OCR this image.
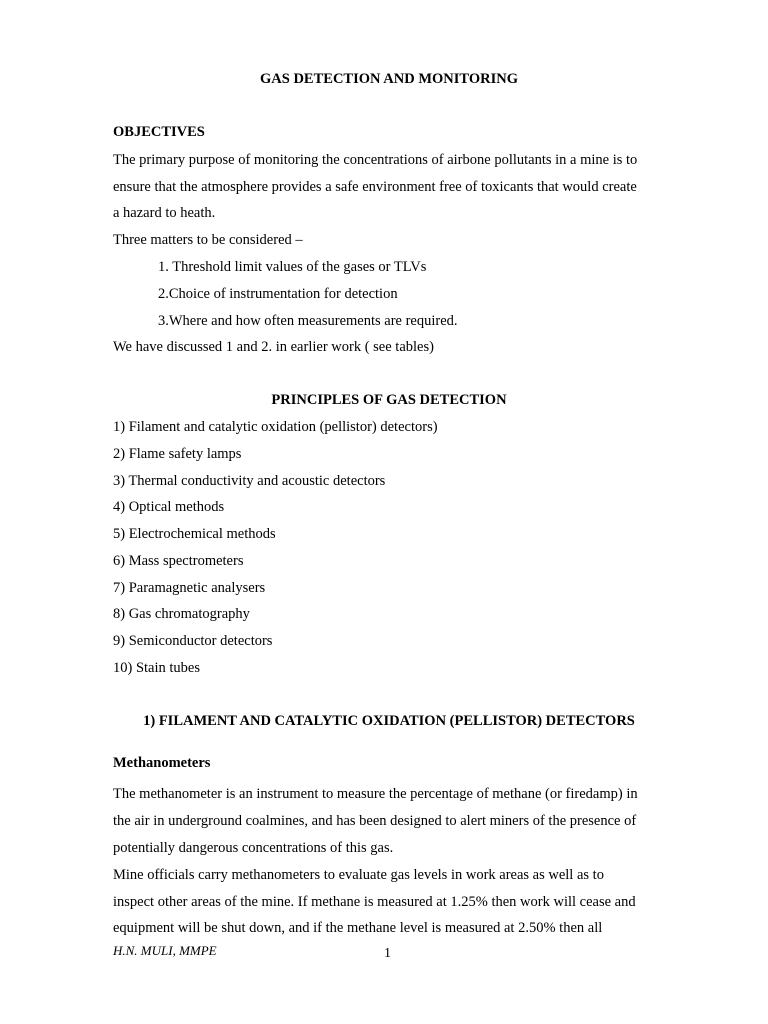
GAS DETECTION AND MONITORING
OBJECTIVES
The primary purpose of monitoring the concentrations of airbone pollutants in a mine is to
ensure that the atmosphere provides a safe environment free of toxicants that would create
a hazard to heath.
Three matters to be considered –
1. Threshold limit values of the gases or TLVs
2.Choice of instrumentation for detection
3.Where and how often measurements are required.
We have discussed 1 and 2. in earlier work ( see tables)
PRINCIPLES OF GAS DETECTION
1) Filament and catalytic oxidation (pellistor) detectors)
2) Flame safety lamps
3) Thermal conductivity and acoustic detectors
4) Optical methods
5) Electrochemical methods
6) Mass spectrometers
7) Paramagnetic analysers
8) Gas chromatography
9) Semiconductor detectors
10) Stain tubes
1) FILAMENT AND CATALYTIC OXIDATION (PELLISTOR) DETECTORS
Methanometers
The methanometer is an instrument to measure the percentage of methane (or firedamp) in
the air in underground coalmines, and has been designed to alert miners of the presence of
potentially dangerous concentrations of this gas.
Mine officials carry methanometers to evaluate gas levels in work areas as well as to
inspect other areas of the mine. If methane is measured at 1.25% then work will cease and
equipment will be shut down, and if the methane level is measured at 2.50% then all
H.N. MULI, MMPE	1
